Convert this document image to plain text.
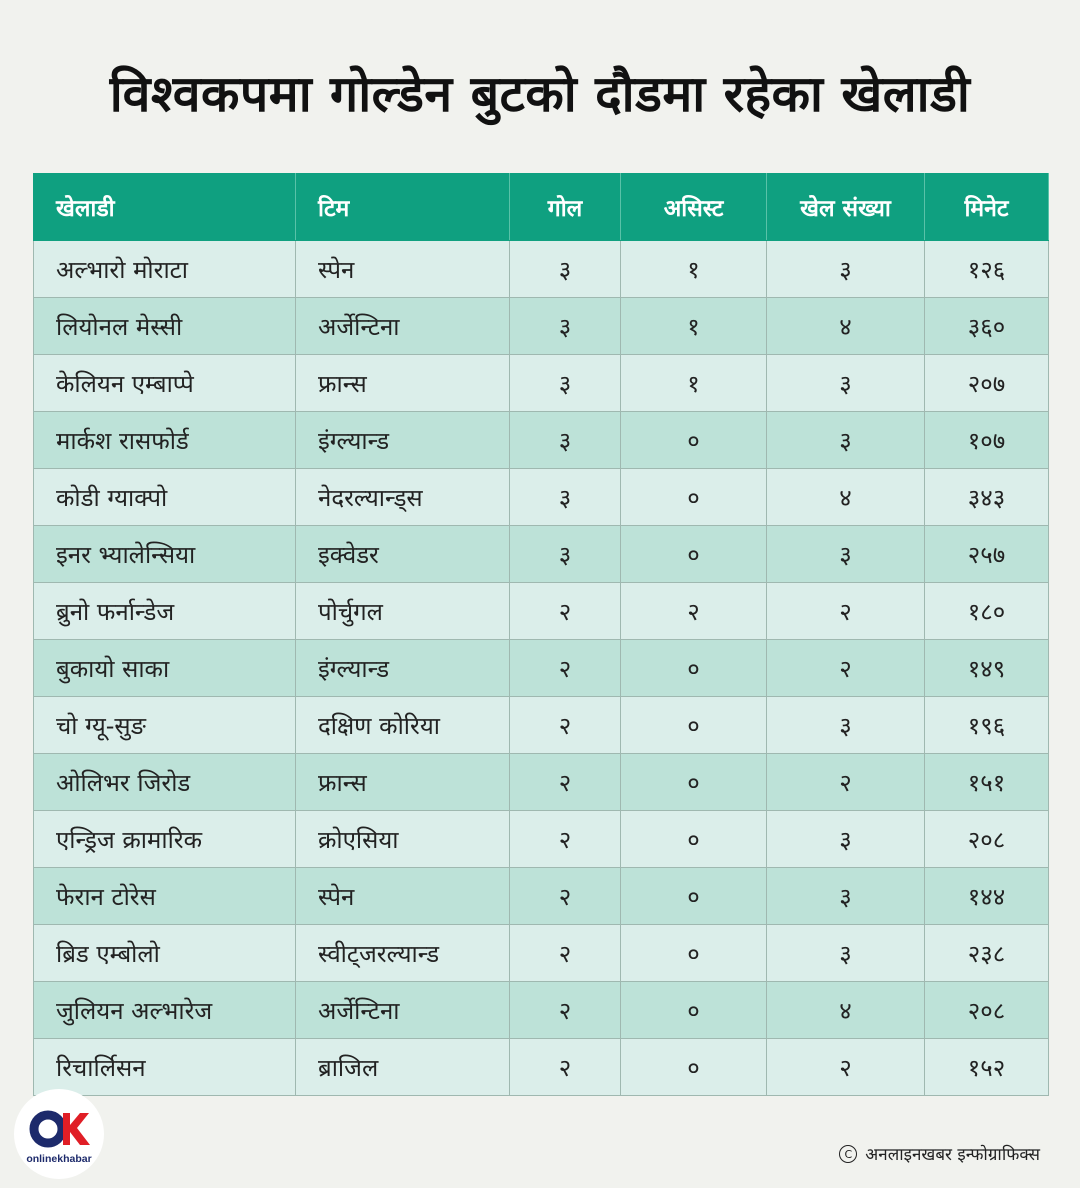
विश्वकपमा गोल्डेन बुटको दौडमा रहेका खेलाडी
खेलाडी	टिम	गोल	असिस्ट	खेल संख्या	मिनेट
अल्भारो मोराटा	स्पेन	३	१	३	१२६
लियोनल मेस्सी	अर्जेन्टिना	३	१	४	३६०
केलियन एम्बाप्पे	फ्रान्स	३	१	३	२०७
मार्कश रासफोर्ड	इंग्ल्यान्ड	३	०	३	१०७
कोडी ग्याक्पो	नेदरल्यान्ड्स	३	०	४	३४३
इनर भ्यालेन्सिया	इक्वेडर	३	०	३	२५७
ब्रुनो फर्नान्डेज	पोर्चुगल	२	२	२	१८०
बुकायो साका	इंग्ल्यान्ड	२	०	२	१४९
चो ग्यू-सुङ	दक्षिण कोरिया	२	०	३	१९६
ओलिभर जिरोड	फ्रान्स	२	०	२	१५१
एन्ड्रिज क्रामारिक	क्रोएसिया	२	०	३	२०८
फेरान टोरेस	स्पेन	२	०	३	१४४
ब्रिड एम्बोलो	स्वीट्जरल्यान्ड	२	०	३	२३८
जुलियन अल्भारेज	अर्जेन्टिना	२	०	४	२०८
रिचार्लिसन	ब्राजिल	२	०	२	१५२
onlinekhabar	C अनलाइनखबर इन्फोग्राफिक्स
